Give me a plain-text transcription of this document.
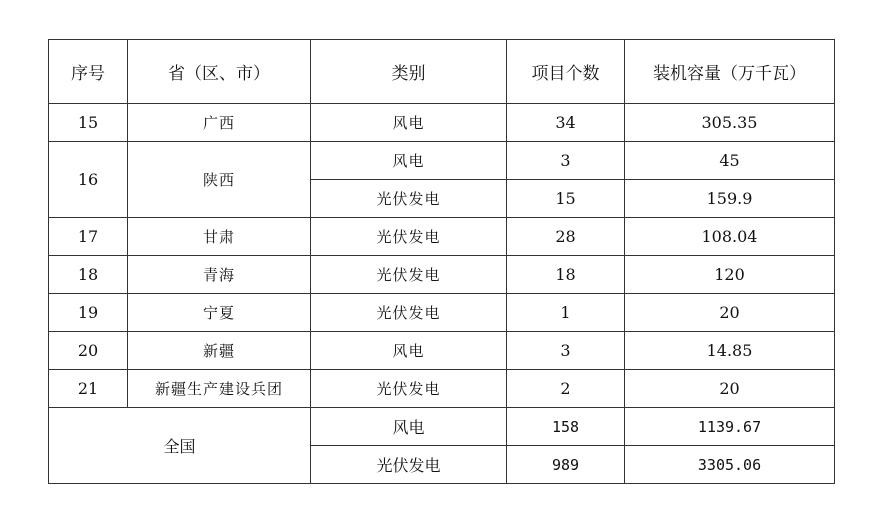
序号	省（区、市）	类别	项目个数	装机容量（万千瓦）
15	广西	风电	34	305.35
16	陕西	风电	3	45
		光伏发电	15	159.9
17	甘肃	光伏发电	28	108.04
18	青海	光伏发电	18	120
19	宁夏	光伏发电	1	20
20	新疆	风电	3	14.85
21	新疆生产建设兵团	光伏发电	2	20
全国		风电	158	1139.67
		光伏发电	989	3305.06
